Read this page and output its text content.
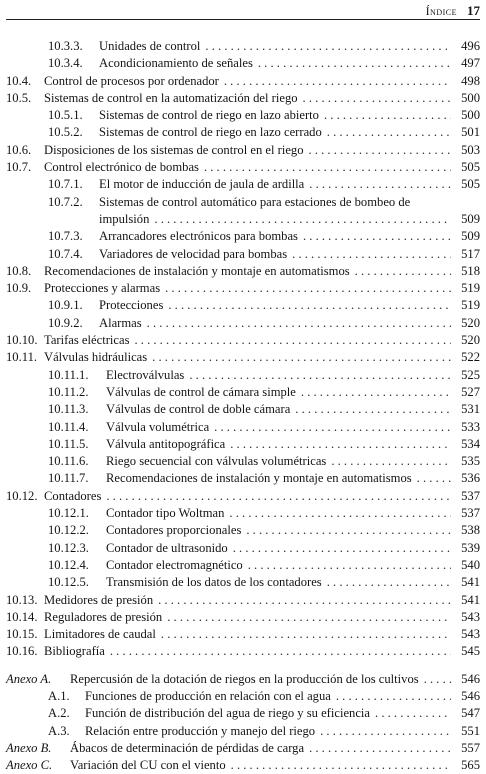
Índice 17
10.3.3. Unidades de control . . .	496
10.3.4. Acondicionamiento de señales . . .	497
10.4. Control de procesos por ordenador . . .	498
10.5. Sistemas de control en la automatización del riego . . .	500
10.5.1. Sistemas de control de riego en lazo abierto . . .	500
10.5.2. Sistemas de control de riego en lazo cerrado . . .	501
10.6. Disposiciones de los sistemas de control en el riego . . .	503
10.7. Control electrónico de bombas . . .	505
10.7.1. El motor de inducción de jaula de ardilla . . .	505
10.7.2. Sistemas de control automático para estaciones de bombeo de
impulsión . . .	509
10.7.3. Arrancadores electrónicos para bombas . . .	509
10.7.4. Variadores de velocidad para bombas . . .	517
10.8. Recomendaciones de instalación y montaje en automatismos . . .	518
10.9. Protecciones y alarmas . . .	519
10.9.1. Protecciones . . .	519
10.9.2. Alarmas . . .	520
10.10. Tarifas eléctricas . . .	520
10.11. Válvulas hidráulicas . . .	522
10.11.1. Electroválvulas . . .	525
10.11.2. Válvulas de control de cámara simple . . .	527
10.11.3. Válvulas de control de doble cámara . . .	531
10.11.4. Válvula volumétrica . . .	533
10.11.5. Válvula antitopográfica . . .	534
10.11.6. Riego secuencial con válvulas volumétricas . . .	535
10.11.7. Recomendaciones de instalación y montaje en automatismos . . .	536
10.12. Contadores . . .	537
10.12.1. Contador tipo Woltman . . .	537
10.12.2. Contadores proporcionales . . .	538
10.12.3. Contador de ultrasonido . . .	539
10.12.4. Contador electromagnético . . .	540
10.12.5. Transmisión de los datos de los contadores . . .	541
10.13. Medidores de presión . . .	541
10.14. Reguladores de presión . . .	543
10.15. Limitadores de caudal . . .	543
10.16. Bibliografía . . .	545
Anexo A. Repercusión de la dotación de riegos en la producción de los cultivos . . .	546
A.1. Funciones de producción en relación con el agua . . .	546
A.2. Función de distribución del agua de riego y su eficiencia . . .	547
A.3. Relación entre producción y manejo del riego . . .	551
Anexo B. Ábacos de determinación de pérdidas de carga . . .	557
Anexo C. Variación del CU con el viento . . .	565
